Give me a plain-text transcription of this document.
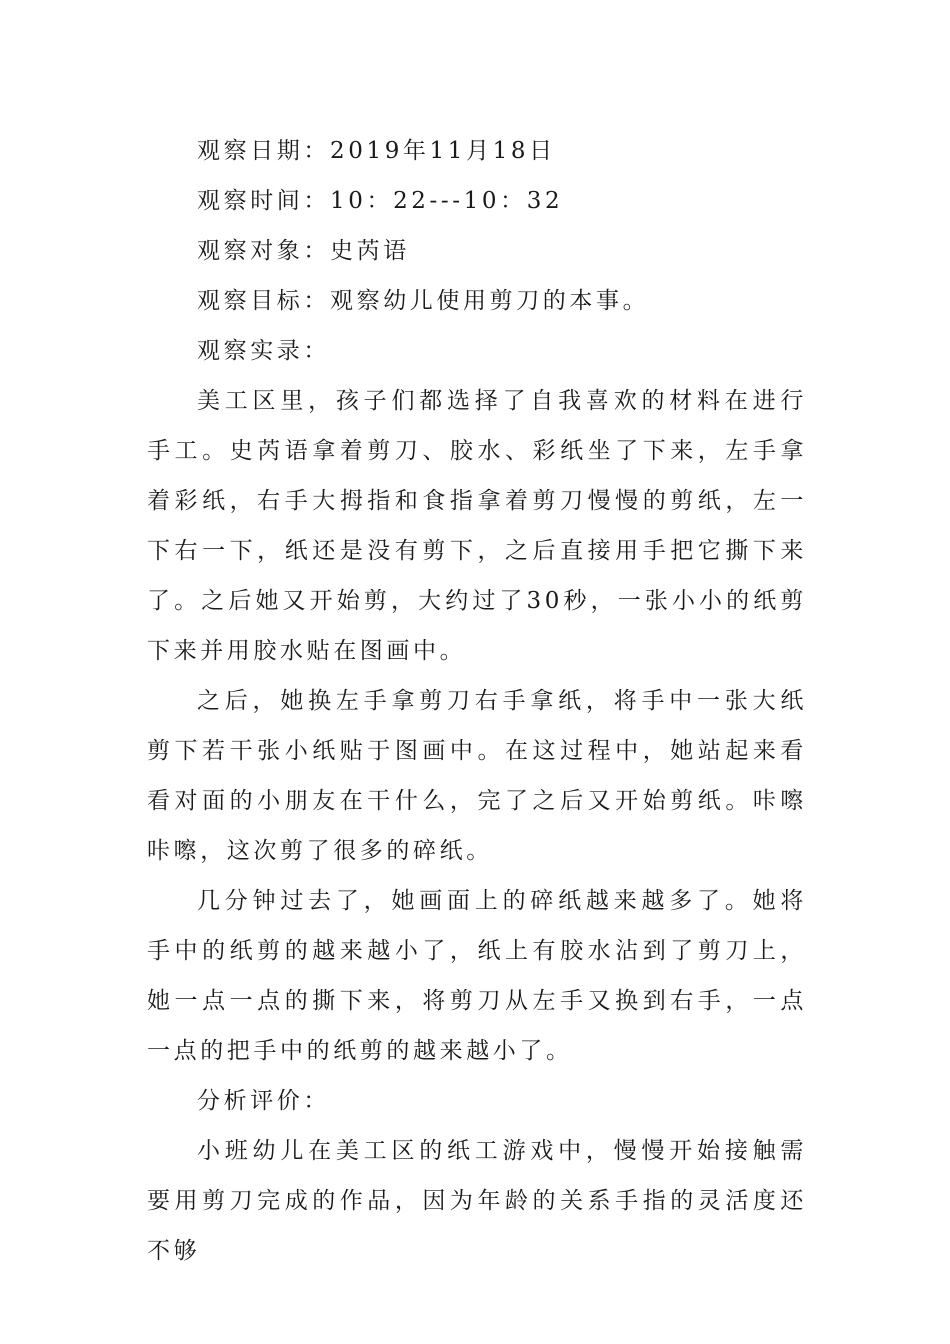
观察日期：2019年11月18日

观察时间：10：22---10：32

观察对象：史芮语

观察目标：观察幼儿使用剪刀的本事。

观察实录：

美工区里，孩子们都选择了自我喜欢的材料在进行手工。史芮语拿着剪刀、胶水、彩纸坐了下来，左手拿着彩纸，右手大拇指和食指拿着剪刀慢慢的剪纸，左一下右一下，纸还是没有剪下，之后直接用手把它撕下来了。之后她又开始剪，大约过了30秒，一张小小的纸剪下来并用胶水贴在图画中。

之后，她换左手拿剪刀右手拿纸，将手中一张大纸剪下若干张小纸贴于图画中。在这过程中，她站起来看看对面的小朋友在干什么，完了之后又开始剪纸。咔嚓咔嚓，这次剪了很多的碎纸。

几分钟过去了，她画面上的碎纸越来越多了。她将手中的纸剪的越来越小了，纸上有胶水沾到了剪刀上，她一点一点的撕下来，将剪刀从左手又换到右手，一点一点的把手中的纸剪的越来越小了。

分析评价：

小班幼儿在美工区的纸工游戏中，慢慢开始接触需要用剪刀完成的作品，因为年龄的关系手指的灵活度还不够
